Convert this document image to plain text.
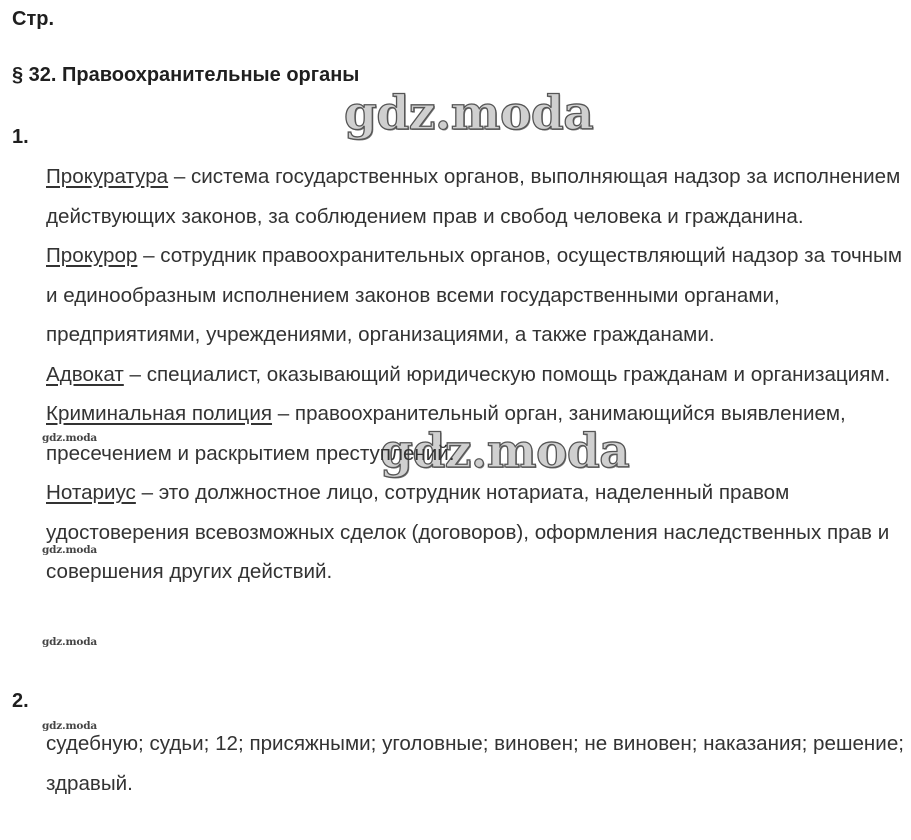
Стр.
§ 32. Правоохранительные органы
gdz.moda
gdz.moda
1.
Прокуратура – система государственных органов, выполняющая надзор за исполнением действующих законов, за соблюдением прав и свобод человека и гражданина.
Прокурор – сотрудник правоохранительных органов, осуществляющий надзор за точным и единообразным исполнением законов всеми государственными органами, предприятиями, учреждениями, организациями, а также гражданами.
Адвокат – специалист, оказывающий юридическую помощь гражданам и организациям.
Криминальная полиция – правоохранительный орган, занимающийся выявлением, пресечением и раскрытием преступлений.
Нотариус – это должностное лицо, сотрудник нотариата, наделенный правом удостоверения всевозможных сделок (договоров), оформления наследственных прав и совершения других действий.
gdz.moda
gdz.moda
gdz.moda
2.
gdz.moda
судебную; судьи; 12; присяжными; уголовные; виновен; не виновен; наказания; решение; здравый.
